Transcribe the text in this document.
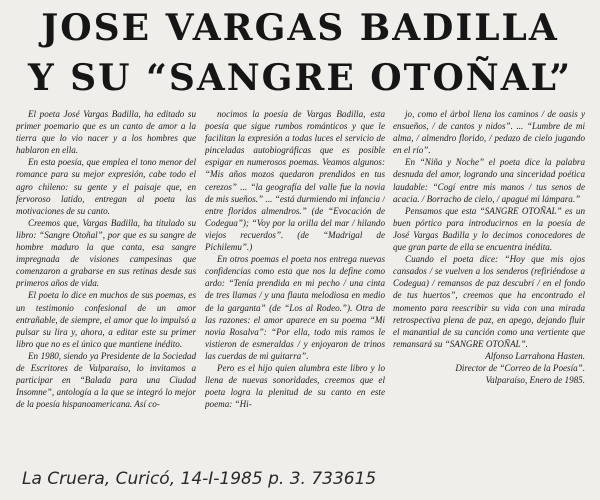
JOSE VARGAS BADILLA
Y SU “SANGRE OTOÑAL”

El poeta José Vargas Badilla, ha editado su primer poemario que es un canto de amor a la tierra que lo vio nacer y a los hombres que hablaron en ella.

En esta poesía, que emplea el tono menor del romance para su mejor expresión, cabe todo el agro chileno: su gente y el paisaje que, en fervoroso latido, entregan al poeta las motivaciones de su canto.

Creemos que, Vargas Badilla, ha titulado su libro: “Sangre Otoñal”, por que es su sangre de hombre maduro la que canta, esa sangre impregnada de visiones campesinas que comenzaron a grabarse en sus retinas desde sus primeros años de vida.

El poeta lo dice en muchos de sus poemas, es un testimonio confesional de un amor entrañable, de siempre, el amor que lo impulsó a pulsar su lira y, ahora, a editar este su primer libro que no es el único que mantiene inédito.

En 1980, siendo ya Presidente de la Sociedad de Escritores de Valparaíso, lo invitamos a participar en “Balada para una Ciudad Insomne”, antología a la que se integró lo mejor de la poesía hispanoamericana. Así co-

nocimos la poesía de Vargas Badilla, esta poesía que sigue rumbos románticos y que le facilitan la expresión a todas luces el servicio de pinceladas autobiográficas que es posible espigar en numerosos poemas. Veamos algunos: “Mis años mozos quedaron prendidos en tus cerezos” ... “la geografía del valle fue la novia de mis sueños.” ... “está durmiendo mi infancia / entre floridos almendros.” (de “Evocación de Codegua”); “Voy por la orilla del mar / hilando viejos recuerdos”. (de “Madrigal de Pichilemu”.)

En otros poemas el poeta nos entrega nuevas confidencias como esta que nos la define como ardo: “Tenía prendida en mi pecho / una cinta de tres llamas / y una flauta melodiosa en medio de la garganta” (de “Los al Rodeo.”). Otra de las razones: el amor aparece en su poema “Mi novia Rosalva”: “Por ella, todo mis ramos le vistieron de esmeraldas / y enjoyaron de trinos las cuerdas de mi guitarra”.

Pero es el hijo quien alumbra este libro y lo llena de nuevas sonoridades, creemos que el poeta logra la plenitud de su canto en este poema: “Hi-

jo, como el árbol llena los caminos / de oasis y ensueños, / de cantos y nidos”. ... “Lumbre de mi alma, / almendro florido, / pedazo de cielo jugando en el río”.

En “Niña y Noche” el poeta dice la palabra desnuda del amor, logrando una sinceridad poética laudable: “Cogí entre mis manos / tus senos de acacia. / Borracho de cielo, / apagué mi lámpara.”

Pensamos que esta “SANGRE OTOÑAL” es un buen pórtico para introducirnos en la poesía de José Vargas Badilla y lo decimos conocedores de que gran parte de ella se encuentra inédita.

Cuando el poeta dice: “Hoy que mis ojos cansados / se vuelven a los senderos (refiriéndose a Codegua) / remansos de paz descubrí / en el fondo de tus huertos”, creemos que ha encontrado el momento para reescribir su vida con una mirada retrospectiva plena de paz, en apego, dejando fluir el manantial de su canción como una vertiente que remansará su “SANGRE OTOÑAL”.

Alfonso Larrahona Hasten.

Director de “Correo de la Poesía”.

Valparaíso, Enero de 1985.

La Cruera, Curicó, 14-I-1985 p. 3. 733615
